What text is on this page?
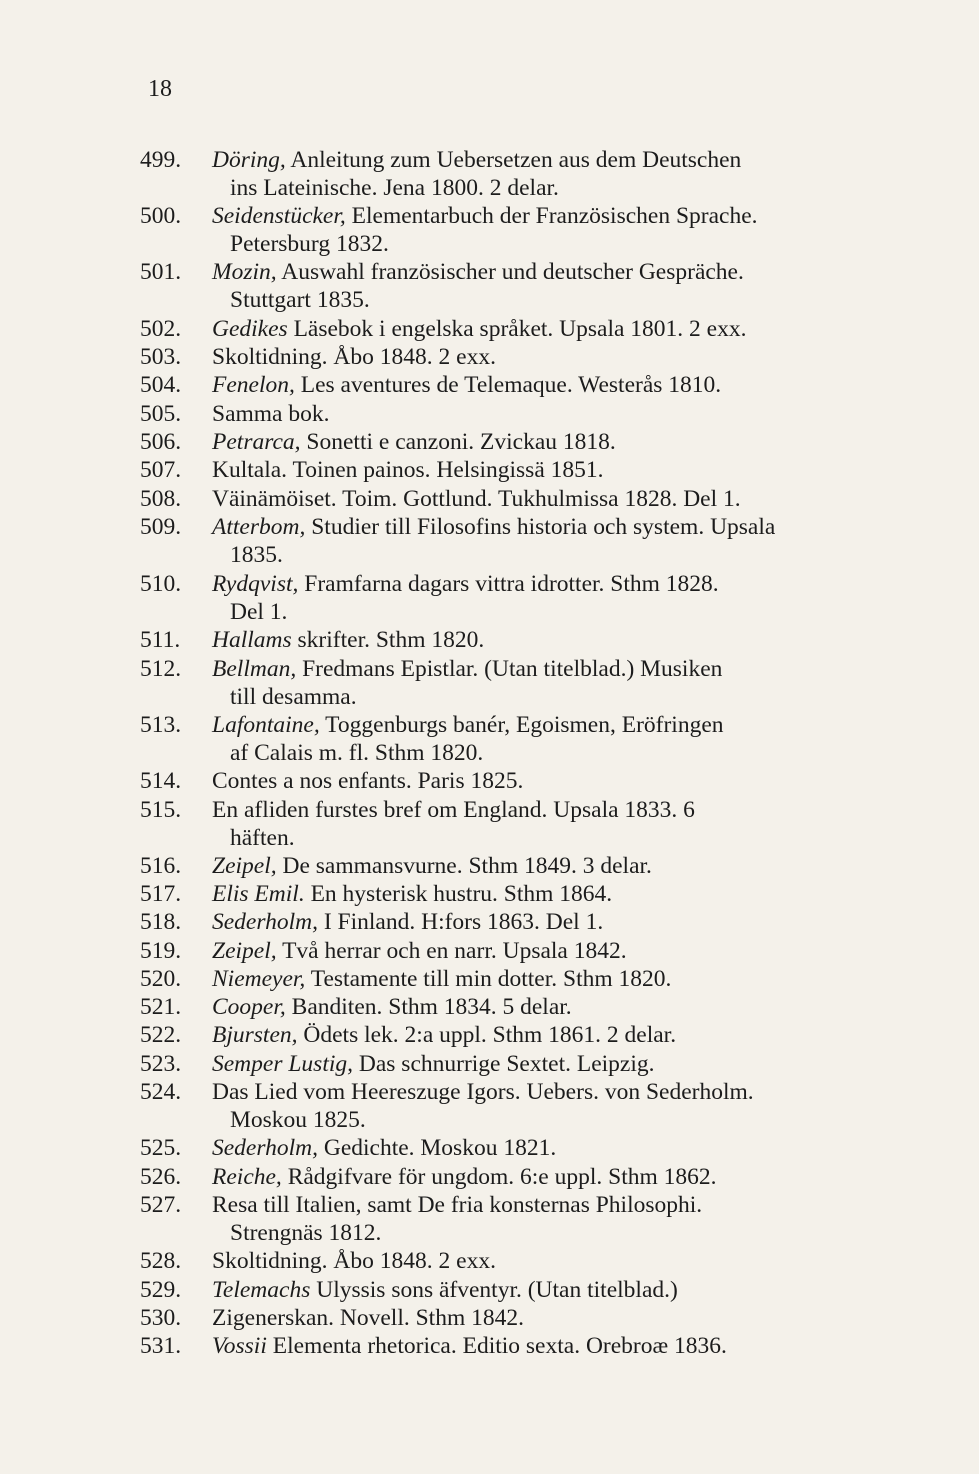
18
499.	Döring, Anleitung zum Uebersetzen aus dem Deutschen
ins Lateinische. Jena 1800. 2 delar.
500.	Seidenstücker, Elementarbuch der Französischen Sprache.
Petersburg 1832.
501.	Mozin, Auswahl französischer und deutscher Gespräche.
Stuttgart 1835.
502.	Gedikes Läsebok i engelska språket. Upsala 1801. 2 exx.
503.	Skoltidning. Åbo 1848. 2 exx.
504.	Fenelon, Les aventures de Telemaque. Westerås 1810.
505.	Samma bok.
506.	Petrarca, Sonetti e canzoni. Zvickau 1818.
507.	Kultala. Toinen painos. Helsingissä 1851.
508.	Väinämöiset. Toim. Gottlund. Tukhulmissa 1828. Del 1.
509.	Atterbom, Studier till Filosofins historia och system. Upsala
1835.
510.	Rydqvist, Framfarna dagars vittra idrotter. Sthm 1828.
Del 1.
511.	Hallams skrifter. Sthm 1820.
512.	Bellman, Fredmans Epistlar. (Utan titelblad.) Musiken
till desamma.
513.	Lafontaine, Toggenburgs banér, Egoismen, Eröfringen
af Calais m. fl. Sthm 1820.
514.	Contes a nos enfants. Paris 1825.
515.	En afliden furstes bref om England. Upsala 1833. 6
häften.
516.	Zeipel, De sammansvurne. Sthm 1849. 3 delar.
517.	Elis Emil. En hysterisk hustru. Sthm 1864.
518.	Sederholm, I Finland. H:fors 1863. Del 1.
519.	Zeipel, Två herrar och en narr. Upsala 1842.
520.	Niemeyer, Testamente till min dotter. Sthm 1820.
521.	Cooper, Banditen. Sthm 1834. 5 delar.
522.	Bjursten, Ödets lek. 2:a uppl. Sthm 1861. 2 delar.
523.	Semper Lustig, Das schnurrige Sextet. Leipzig.
524.	Das Lied vom Heereszuge Igors. Uebers. von Sederholm.
Moskou 1825.
525.	Sederholm, Gedichte. Moskou 1821.
526.	Reiche, Rådgifvare för ungdom. 6:e uppl. Sthm 1862.
527.	Resa till Italien, samt De fria konsternas Philosophi.
Strengnäs 1812.
528.	Skoltidning. Åbo 1848. 2 exx.
529.	Telemachs Ulyssis sons äfventyr. (Utan titelblad.)
530.	Zigenerskan. Novell. Sthm 1842.
531.	Vossii Elementa rhetorica. Editio sexta. Orebroæ 1836.
